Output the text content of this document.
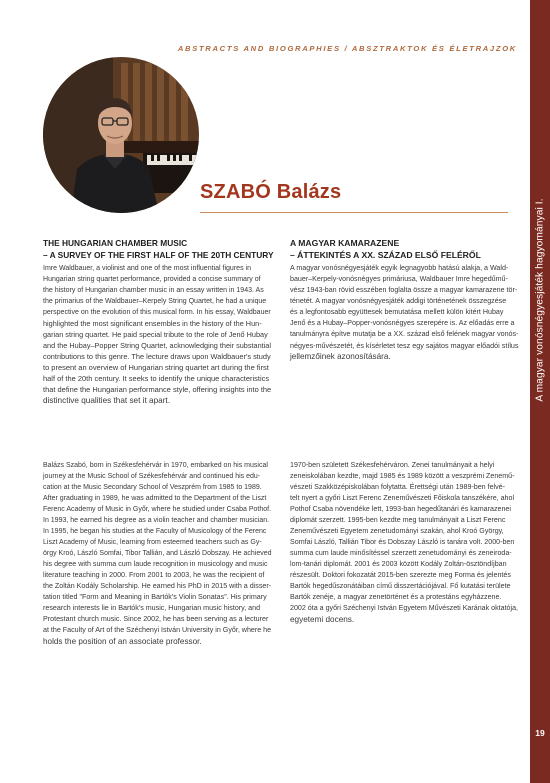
A magyar vonósnégyesjáték hagyományai I.
19
ABSTRACTS AND BIOGRAPHIES / ABSZTRAKTOK ÉS ÉLETRAJZOK
SZABÓ Balázs
THE HUNGARIAN CHAMBER MUSIC
– A SURVEY OF THE FIRST HALF OF THE 20TH CENTURY
A MAGYAR KAMARAZENE
– ÁTTEKINTÉS A XX. SZÁZAD ELSŐ FELÉRŐL
Imre Waldbauer, a violinist and one of the most influential figures in
Hungarian string quartet performance, provided a concise summary of
the history of Hungarian chamber music in an essay written in 1943. As
the primarius of the Waldbauer–Kerpely String Quartet, he had a unique
perspective on the evolution of this musical form. In his essay, Waldbauer
highlighted the most significant ensembles in the history of the Hun-
garian string quartet. He paid special tribute to the role of Jenő Hubay
and the Hubay–Popper String Quartet, acknowledging their substantial
contributions to this genre. The lecture draws upon Waldbauer's study
to present an overview of Hungarian string quartet art during the first
half of the 20th century. It seeks to identify the unique characteristics
that define the Hungarian performance style, offering insights into the
distinctive qualities that set it apart.
A magyar vonósnégyesjáték egyik legnagyobb hatású alakja, a Wald-
bauer–Kerpely-vonósnégyes primáriusa, Waldbauer Imre hegedűmű-
vész 1943-ban rövid esszében foglalta össze a magyar kamarazene tör-
ténetét. A magyar vonósnégyesjáték addigi történetének összegzése
és a legfontosabb együttesek bemutatása mellett külön kitért Hubay
Jenő és a Hubay–Popper-vonósnégyes szerepére is. Az előadás erre a
tanulmányra építve mutatja be a XX. század első felének magyar vonós-
négyes-művészetét, és kísérletet tesz egy sajátos magyar előadói stílus
jellemzőinek azonosítására.
Balázs Szabó, born in Székesfehérvár in 1970, embarked on his musical
journey at the Music School of Székesfehérvár and continued his edu-
cation at the Music Secondary School of Veszprém from 1985 to 1989.
After graduating in 1989, he was admitted to the Department of the Liszt
Ferenc Academy of Music in Győr, where he studied under Csaba Pothof.
In 1993, he earned his degree as a violin teacher and chamber musician.
In 1995, he began his studies at the Faculty of Musicology of the Ferenc
Liszt Academy of Music, learning from esteemed teachers such as Gy-
örgy Kroó, László Somfai, Tibor Tallián, and László Dobszay. He achieved
his degree with summa cum laude recognition in musicology and music
literature teaching in 2000. From 2001 to 2003, he was the recipient of
the Zoltán Kodály Scholarship. He earned his PhD in 2015 with a disser-
tation titled "Form and Meaning in Bartók's Violin Sonatas". His primary
research interests lie in Bartók's music, Hungarian music history, and
Protestant church music. Since 2002, he has been serving as a lecturer
at the Faculty of Art of the Széchenyi István University in Győr, where he
holds the position of an associate professor.
1970-ben született Székesfehérváron. Zenei tanulmányait a helyi
zeneiskolában kezdte, majd 1985 és 1989 között a veszprémi Zenemű-
vészeti Szakközépiskolában folytatta. Érettségi után 1989-ben felvé-
telt nyert a győri Liszt Ferenc Zeneművészeti Főiskola tanszékére, ahol
Pothof Csaba növendéke lett, 1993-ban hegedűtanári és kamarazenei
diplomát szerzett. 1995-ben kezdte meg tanulmányait a Liszt Ferenc
Zeneművészeti Egyetem zenetudományi szakán, ahol Kroó György,
Somfai László, Tallián Tibor és Dobszay László is tanára volt. 2000-ben
summa cum laude minősítéssel szerzett zenetudományi és zeneiroda-
lom-tanári diplomát. 2001 és 2003 között Kodály Zoltán-ösztöndíjban
részesült. Doktori fokozatát 2015-ben szerezte meg Forma és jelentés
Bartók hegedűszonátáiban című disszertációjával. Fő kutatási területe
Bartók zenéje, a magyar zenetörténet és a protestáns egyházzene.
2002 óta a győri Széchenyi István Egyetem Művészeti Karának oktatója,
egyetemi docens.
